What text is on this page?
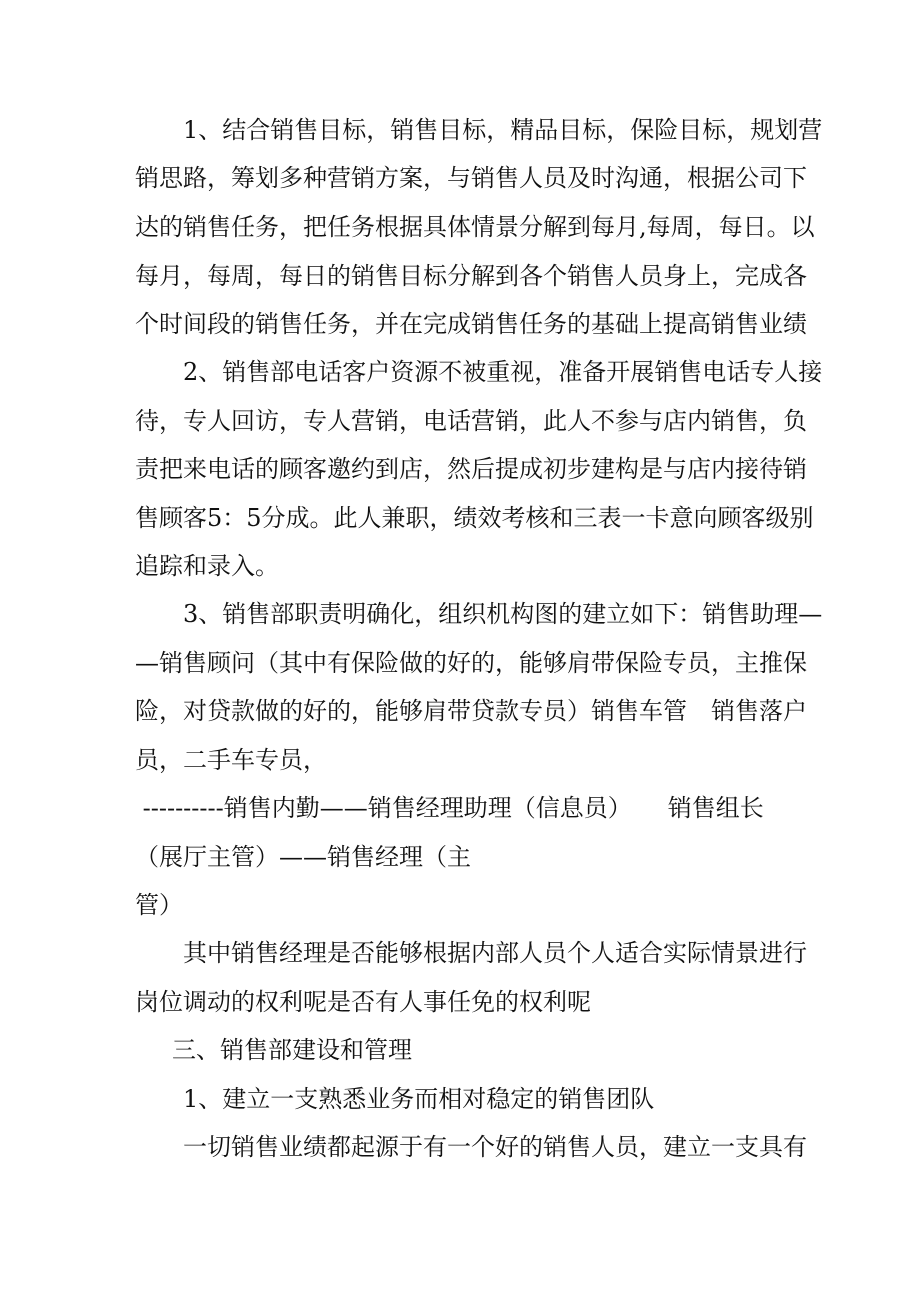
1、结合销售目标，销售目标，精品目标，保险目标，规划营
销思路，筹划多种营销方案，与销售人员及时沟通，根据公司下
达的销售任务，把任务根据具体情景分解到每月,每周，每日。以
每月，每周，每日的销售目标分解到各个销售人员身上，完成各
个时间段的销售任务，并在完成销售任务的基础上提高销售业绩
2、销售部电话客户资源不被重视，准备开展销售电话专人接
待，专人回访，专人营销，电话营销，此人不参与店内销售，负
责把来电话的顾客邀约到店，然后提成初步建构是与店内接待销
售顾客5：5分成。此人兼职，绩效考核和三表一卡意向顾客级别
追踪和录入。
3、销售部职责明确化，组织机构图的建立如下：销售助理—
—销售顾问（其中有保险做的好的，能够肩带保险专员，主推保
险，对贷款做的好的，能够肩带贷款专员）销售车管　销售落户
员，二手车专员，
----------销售内勤——销售经理助理（信息员）　　销售组长
（展厅主管）——销售经理（主
管）
其中销售经理是否能够根据内部人员个人适合实际情景进行
岗位调动的权利呢是否有人事任免的权利呢
三、销售部建设和管理
1、建立一支熟悉业务而相对稳定的销售团队
一切销售业绩都起源于有一个好的销售人员，建立一支具有
